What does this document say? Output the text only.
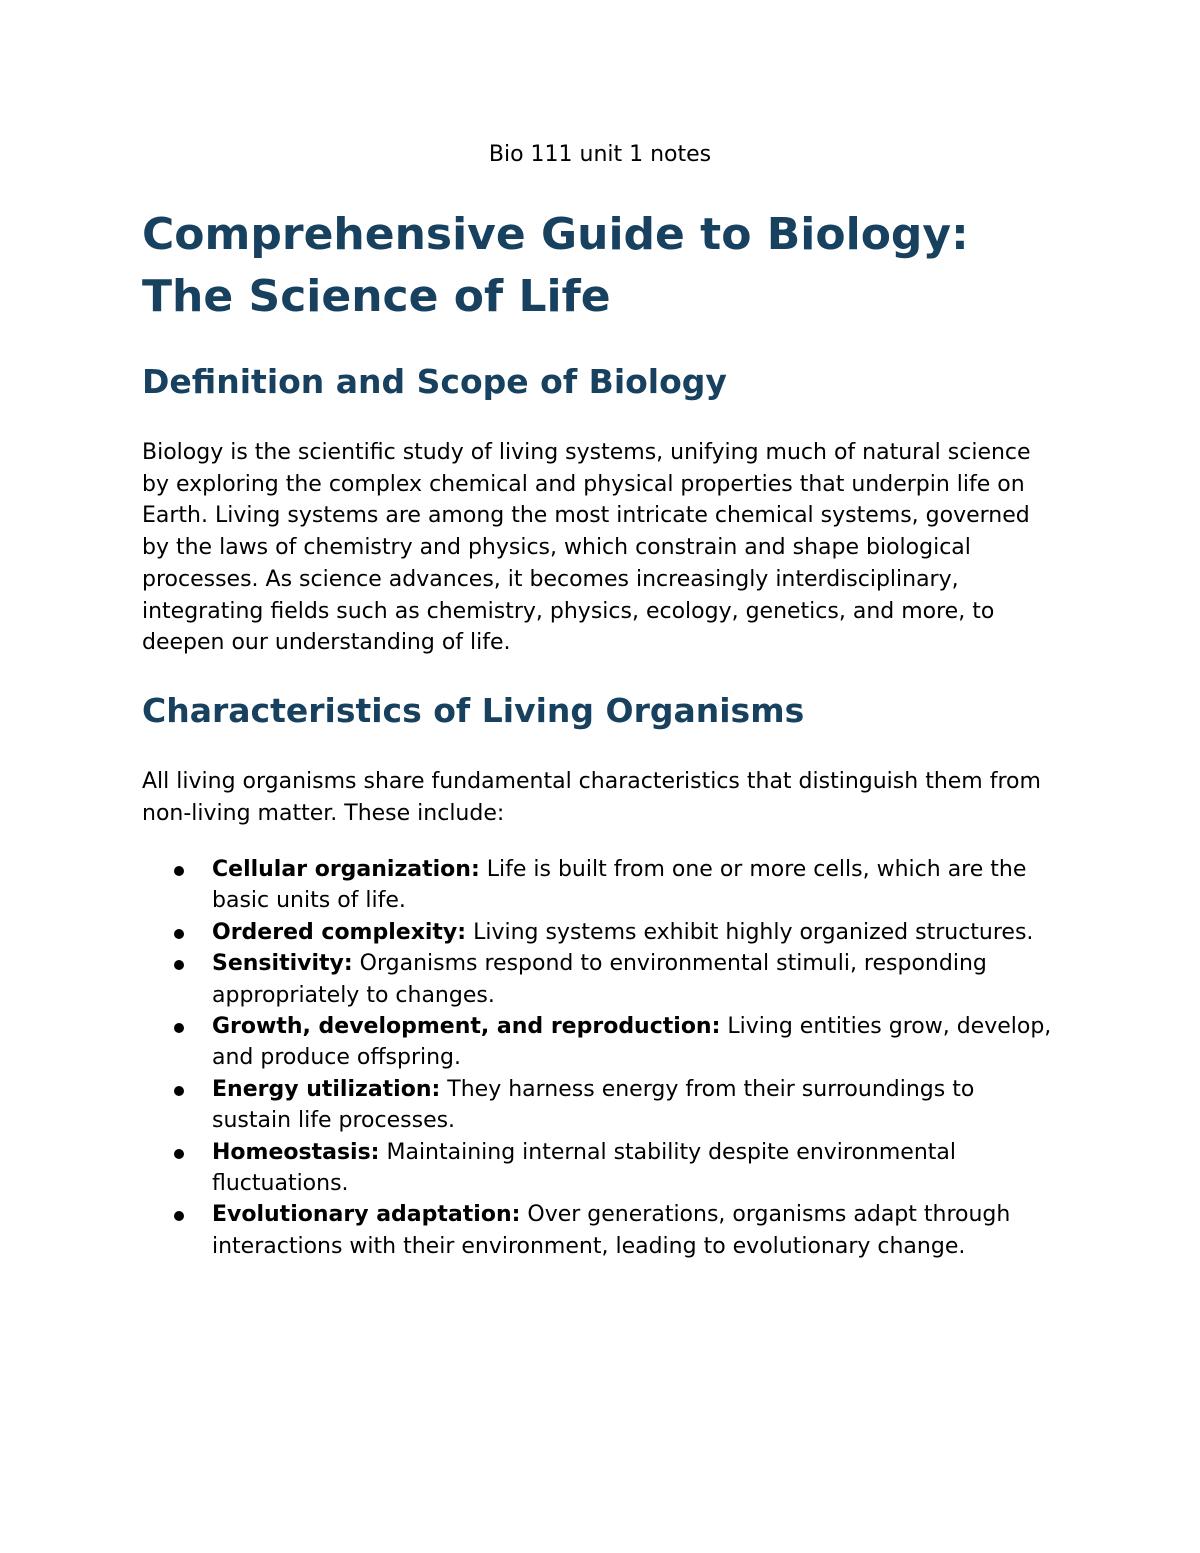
Bio 111 unit 1 notes
Comprehensive Guide to Biology: The Science of Life
Definition and Scope of Biology

Biology is the scientific study of living systems, unifying much of natural science by exploring the complex chemical and physical properties that underpin life on Earth. Living systems are among the most intricate chemical systems, governed by the laws of chemistry and physics, which constrain and shape biological processes. As science advances, it becomes increasingly interdisciplinary, integrating fields such as chemistry, physics, ecology, genetics, and more, to deepen our understanding of life.

Characteristics of Living Organisms

All living organisms share fundamental characteristics that distinguish them from non-living matter. These include:

Cellular organization: Life is built from one or more cells, which are the basic units of life.
Ordered complexity: Living systems exhibit highly organized structures.
Sensitivity: Organisms respond to environmental stimuli, responding appropriately to changes.
Growth, development, and reproduction: Living entities grow, develop, and produce offspring.
Energy utilization: They harness energy from their surroundings to sustain life processes.
Homeostasis: Maintaining internal stability despite environmental fluctuations.
Evolutionary adaptation: Over generations, organisms adapt through interactions with their environment, leading to evolutionary change.
